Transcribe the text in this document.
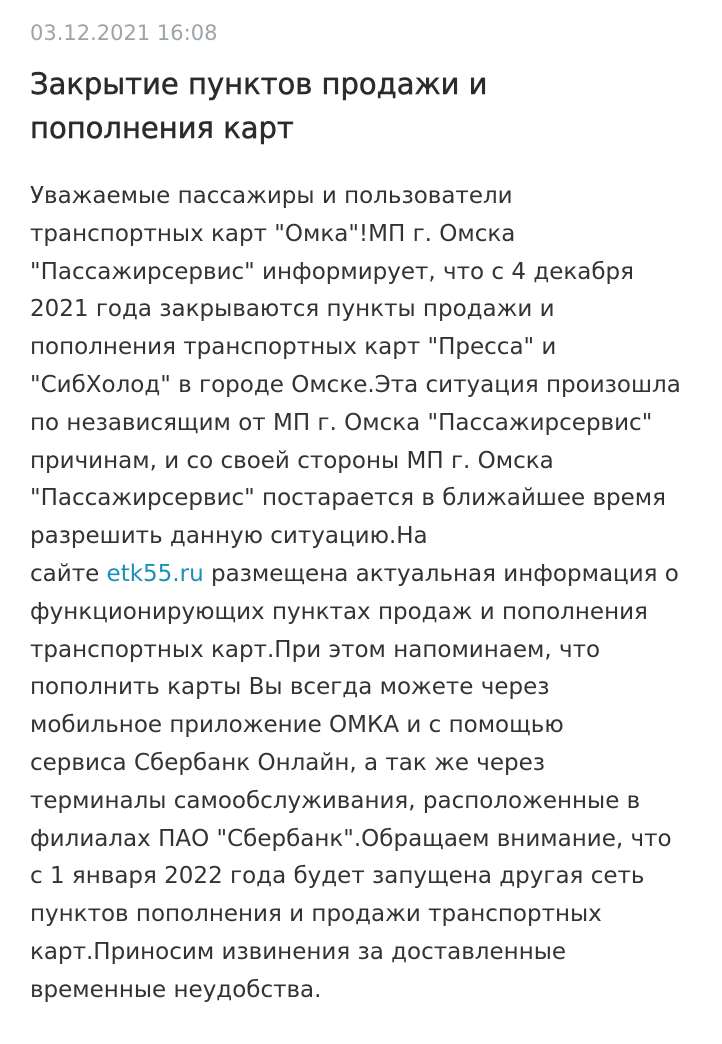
03.12.2021 16:08
Закрытие пунктов продажи и
пополнения карт
Уважаемые пассажиры и пользователи
транспортных карт "Омка"!МП г. Омска
"Пассажирсервис" информирует, что с 4 декабря
2021 года закрываются пункты продажи и
пополнения транспортных карт "Пресса" и
"СибХолод" в городе Омске.Эта ситуация произошла
по независящим от МП г. Омска "Пассажирсервис"
причинам, и со своей стороны МП г. Омска
"Пассажирсервис" постарается в ближайшее время
разрешить данную ситуацию.На
сайте etk55.ru размещена актуальная информация о
функционирующих пунктах продаж и пополнения
транспортных карт.При этом напоминаем, что
пополнить карты Вы всегда можете через
мобильное приложение ОМКА и с помощью
сервиса Сбербанк Онлайн, а так же через
терминалы самообслуживания, расположенные в
филиалах ПАО "Сбербанк".Обращаем внимание, что
с 1 января 2022 года будет запущена другая сеть
пунктов пополнения и продажи транспортных
карт.Приносим извинения за доставленные
временные неудобства.
